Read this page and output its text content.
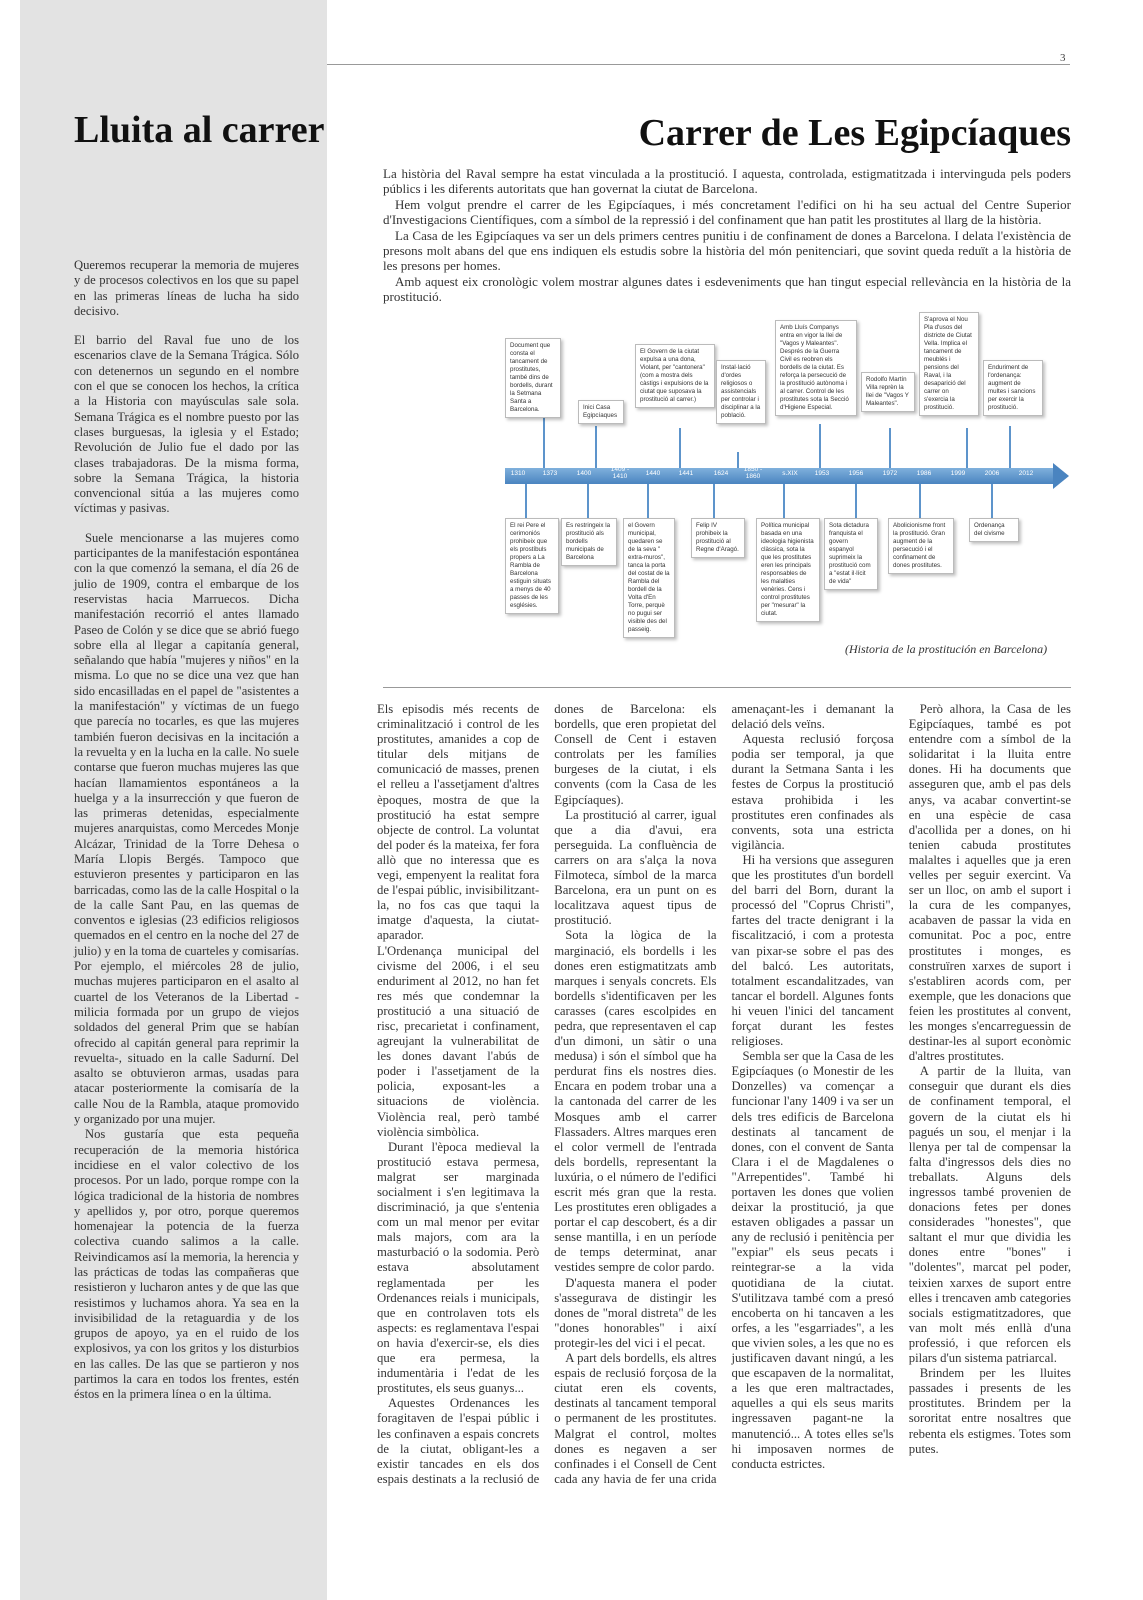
Lluita al carrer

Queremos recuperar la memoria de mujeres y de procesos colectivos en los que su papel en las primeras líneas de lucha ha sido decisivo.

El barrio del Raval fue uno de los escenarios clave de la Semana Trágica. Sólo con detenernos un segundo en el nombre con el que se conocen los hechos, la crítica a la Historia con mayúsculas sale sola. Semana Trágica es el nombre puesto por las clases burguesas, la iglesia y el Estado; Revolución de Julio fue el dado por las clases trabajadoras. De la misma forma, sobre la Semana Trágica, la historia convencional sitúa a las mujeres como víctimas y pasivas.

Suele mencionarse a las mujeres como participantes de la manifestación espontánea con la que comenzó la semana, el día 26 de julio de 1909, contra el embarque de los reservistas hacia Marruecos. Dicha manifestación recorrió el antes llamado Paseo de Colón y se dice que se abrió fuego sobre ella al llegar a capitanía general, señalando que había "mujeres y niños" en la misma. Lo que no se dice una vez que han sido encasilladas en el papel de "asistentes a la manifestación" y víctimas de un fuego que parecía no tocarles, es que las mujeres también fueron decisivas en la incitación a la revuelta y en la lucha en la calle. No suele contarse que fueron muchas mujeres las que hacían llamamientos espontáneos a la huelga y a la insurrección y que fueron de las primeras detenidas, especialmente mujeres anarquistas, como Mercedes Monje Alcázar, Trinidad de la Torre Dehesa o María Llopis Bergés. Tampoco que estuvieron presentes y participaron en las barricadas, como las de la calle Hospital o la de la calle Sant Pau, en las quemas de conventos e iglesias (23 edificios religiosos quemados en el centro en la noche del 27 de julio) y en la toma de cuarteles y comisarías. Por ejemplo, el miércoles 28 de julio, muchas mujeres participaron en el asalto al cuartel de los Veteranos de la Libertad - milicia formada por un grupo de viejos soldados del general Prim que se habían ofrecido al capitán general para reprimir la revuelta-, situado en la calle Sadurní. Del asalto se obtuvieron armas, usadas para atacar posteriormente la comisaría de la calle Nou de la Rambla, ataque promovido y organizado por una mujer.

Nos gustaría que esta pequeña recuperación de la memoria histórica incidiese en el valor colectivo de los procesos. Por un lado, porque rompe con la lógica tradicional de la historia de nombres y apellidos y, por otro, porque queremos homenajear la potencia de la fuerza colectiva cuando salimos a la calle. Reivindicamos así la memoria, la herencia y las prácticas de todas las compañeras que resistieron y lucharon antes y de que las que resistimos y luchamos ahora. Ya sea en la invisibilidad de la retaguardia y de los grupos de apoyo, ya en el ruido de los explosivos, ya con los gritos y los disturbios en las calles. De las que se partieron y nos partimos la cara en todos los frentes, estén éstos en la primera línea o en la última.

3
Carrer de Les Egipcíaques

La història del Raval sempre ha estat vinculada a la prostitució. I aquesta, controlada, estigmatitzada i intervinguda pels poders públics i les diferents autoritats que han governat la ciutat de Barcelona.

Hem volgut prendre el carrer de les Egipcíaques, i més concretament l'edifici on hi ha seu actual del Centre Superior d'Investigacions Científiques, com a símbol de la repressió i del confinament que han patit les prostitutes al llarg de la història.

La Casa de les Egipcíaques va ser un dels primers centres punitiu i de confinament de dones a Barcelona. I delata l'existència de presons molt abans del que ens indiquen els estudis sobre la història del món penitenciari, que sovint queda reduït a la història de les presons per homes.

Amb aquest eix cronològic volem mostrar algunes dates i esdeveniments que han tingut especial rellevància en la història de la prostitució.

1310	1373	1400
1409 - 1410	1440	1441	1624
1850 - 1860	s.XIX	1953	1956	1972	1986	1999	2006	2012
Document que consta el tancament de prostitutes, també dins de bordells, durant la Setmana Santa a Barcelona.	Inici Casa Egipcíaques
El Govern de la ciutat expulsa a una dona, Violant, per "cantonera" (com a mostra dels càstigs i expulsions de la ciutat que suposava la prostitució al carrer.)
Instal·lació d'ordes religiosos o assistencials per controlar i disciplinar a la població.
Amb Lluís Companys entra en vigor la llei de "Vagos y Maleantes". Després de la Guerra Civil es reobren els bordells de la ciutat. Es reforça la persecució de la prostitució autònoma i al carrer. Control de les prostitutes sota la Secció d'Higiene Especial.
Rodolfo Martín Villa reprèn la llei de "Vagos Y Maleantes".
S'aprova el Nou Pla d'usos del districte de Ciutat Vella. Implica el tancament de meublés i pensions del Raval, i la desaparició del carrer on s'exercia la prostitució.
Enduriment de l'ordenança: augment de multes i sancions per exercir la prostitució.
El rei Pere el cerimoniós prohibeix que els prostíbuls propers a La Rambla de Barcelona estiguin situats a menys de 40 passes de les esglésies.
Es restringeix la prostitució als bordells municipals de Barcelona
el Govern municipal, quedaren se de la seva " extra-muros", tanca la porta del costat de la Rambla del bordell de la Volta d'En Torre, perquè no pugui ser visible des del passeig.
Felip IV prohibeix la prostitució al Regne d'Aragó.
Política municipal basada en una ideologia higienista clàssica, sota la que les prostitutes eren les principals responsables de les malalties venèries. Cens i control prostitutes per "mesurar" la ciutat.
Sota dictadura franquista el govern espanyol suprimeix la prostitució com a "estat il·lícit de vida"
Abolicionisme front la prostitució. Gran augment de la persecució i el confinament de dones prostitutes.
Ordenança del civisme
(Historia de la prostitución en Barcelona)

Els episodis més recents de criminalització i control de les prostitutes, amanides a cop de titular dels mitjans de comunicació de masses, prenen el relleu a l'assetjament d'altres èpoques, mostra de que la prostitució ha estat sempre objecte de control. La voluntat del poder és la mateixa, fer fora allò que no interessa que es vegi, empenyent la realitat fora de l'espai públic, invisibilitzant-la, no fos cas que taqui la imatge d'aquesta, la ciutat-aparador.

L'Ordenança municipal del civisme del 2006, i el seu enduriment al 2012, no han fet res més que condemnar la prostitució a una situació de risc, precarietat i confinament, agreujant la vulnerabilitat de les dones davant l'abús de poder i l'assetjament de la policia, exposant-les a situacions de violència. Violència real, però també violència simbòlica.

Durant l'època medieval la prostitució estava permesa, malgrat ser marginada socialment i s'en legitimava la discriminació, ja que s'entenia com un mal menor per evitar mals majors, com ara la masturbació o la sodomia. Però estava absolutament reglamentada per les Ordenances reials i municipals, que en controlaven tots els aspects: es reglamentava l'espai on havia d'exercir-se, els dies que era permesa, la indumentària i l'edat de les prostitutes, els seus guanys...

Aquestes Ordenances les foragitaven de l'espai públic i les confinaven a espais concrets de la ciutat, obligant-les a existir tancades en els dos espais destinats a la reclusió de dones de Barcelona: els bordells, que eren propietat del Consell de Cent i estaven controlats per les famílies burgeses de la ciutat, i els convents (com la Casa de les Egipcíaques).

La prostitució al carrer, igual que a dia d'avui, era perseguida. La confluència de carrers on ara s'alça la nova Filmoteca, símbol de la marca Barcelona, era un punt on es localitzava aquest tipus de prostitució.

Sota la lògica de la marginació, els bordells i les dones eren estigmatitzats amb marques i senyals concrets. Els bordells s'identificaven per les carasses (cares escolpides en pedra, que representaven el cap d'un dimoni, un sàtir o una medusa) i són el símbol que ha perdurat fins els nostres dies. Encara en podem trobar una a la cantonada del carrer de les Mosques amb el carrer Flassaders. Altres marques eren el color vermell de l'entrada dels bordells, representant la luxúria, o el número de l'edifici escrit més gran que la resta. Les prostitutes eren obligades a portar el cap descobert, és a dir sense mantilla, i en un període de temps determinat, anar vestides sempre de color pardo.

D'aquesta manera el poder s'assegurava de distingir les dones de "moral distreta" de les "dones honorables" i així protegir-les del vici i el pecat.

A part dels bordells, els altres espais de reclusió forçosa de la ciutat eren els covents, destinats al tancament temporal o permanent de les prostitutes. Malgrat el control, moltes dones es negaven a ser confinades i el Consell de Cent cada any havia de fer una crida amenaçant-les i demanant la delació dels veïns.

Aquesta reclusió forçosa podia ser temporal, ja que durant la Setmana Santa i les festes de Corpus la prostitució estava prohibida i les prostitutes eren confinades als convents, sota una estricta vigilància.

Hi ha versions que asseguren que les prostitutes d'un bordell del barri del Born, durant la processó del "Coprus Christi", fartes del tracte denigrant i la fiscalització, i com a protesta van pixar-se sobre el pas des del balcó. Les autoritats, totalment escandalitzades, van tancar el bordell. Algunes fonts hi veuen l'inici del tancament forçat durant les festes religioses.

Sembla ser que la Casa de les Egipcíaques (o Monestir de les Donzelles) va començar a funcionar l'any 1409 i va ser un dels tres edificis de Barcelona destinats al tancament de dones, con el convent de Santa Clara i el de Magdalenes o "Arrepentides". També hi portaven les dones que volien deixar la prostitució, ja que estaven obligades a passar un any de reclusió i penitència per "expiar" els seus pecats i reintegrar-se a la vida quotidiana de la ciutat. S'utilitzava també com a presó encobertа on hi tancaven a les orfes, a les "esgarriades", a les que vivien soles, a les que no es justificaven davant ningú, a les que escapaven de la normalitat, a les que eren maltractades, aquelles a qui els seus marits ingressaven pagant-ne la manutenció... A totes elles se'ls hi imposaven normes de conducta estrictes.

Però alhora, la Casa de les Egipcíaques, també es pot entendre com a símbol de la solidaritat i la lluita entre dones. Hi ha documents que asseguren que, amb el pas dels anys, va acabar convertint-se en una espècie de casa d'acollida per a dones, on hi tenien cabuda prostitutes malaltes i aquelles que ja eren velles per seguir exercint. Va ser un lloc, on amb el suport i la cura de les companyes, acabaven de passar la vida en comunitat. Poc a poc, entre prostitutes i monges, es construïren xarxes de suport i s'establiren acords com, per exemple, que les donacions que feien les prostitutes al convent, les monges s'encarreguessin de destinar-les al suport econòmic d'altres prostitutes.

A partir de la lluita, van conseguir que durant els dies de confinament temporal, el govern de la ciutat els hi pagués un sou, el menjar i la llenya per tal de compensar la falta d'ingressos dels dies no treballats. Alguns dels ingressos també provenien de donacions fetes per dones considerades "honestes", que saltant el mur que dividia les dones entre "bones" i "dolentes", marcat pel poder, teixien xarxes de suport entre elles i trencaven amb categories socials estigmatitzadores, que van molt més enllà d'una professió, i que reforcen els pilars d'un sistema patriarcal.

Brindem per les lluites passades i presents de les prostitutes. Brindem per la sororitat entre nosaltres que rebenta els estigmes. Totes som putes.
